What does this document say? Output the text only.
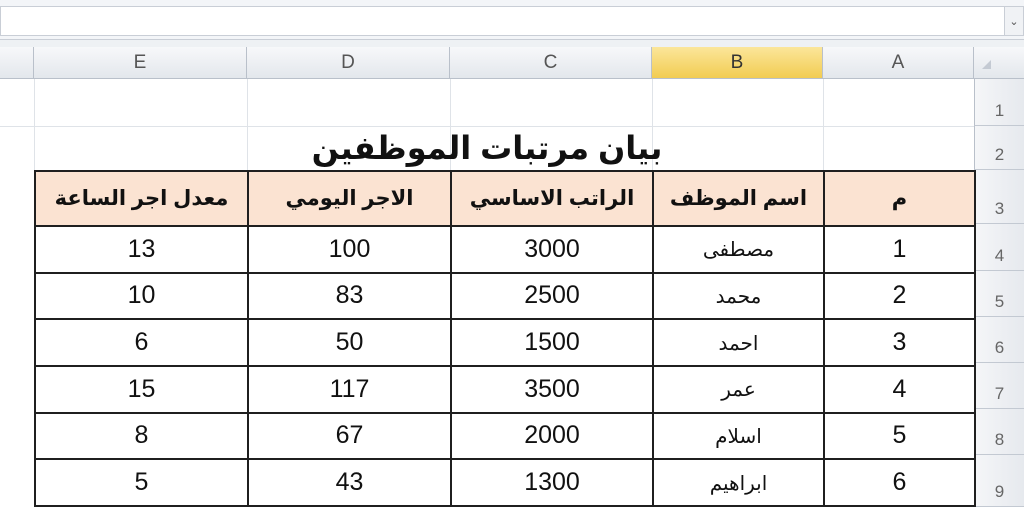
⌄
E	D	C	B	A
1
2
3
4
5
6
7
8
9
بيان مرتبات الموظفين
معدل اجر الساعة	الاجر اليومي	الراتب الاساسي	اسم الموظف	م
13	100	3000	مصطفى	1
10	83	2500	محمد	2
6	50	1500	احمد	3
15	117	3500	عمر	4
8	67	2000	اسلام	5
5	43	1300	ابراهيم	6
